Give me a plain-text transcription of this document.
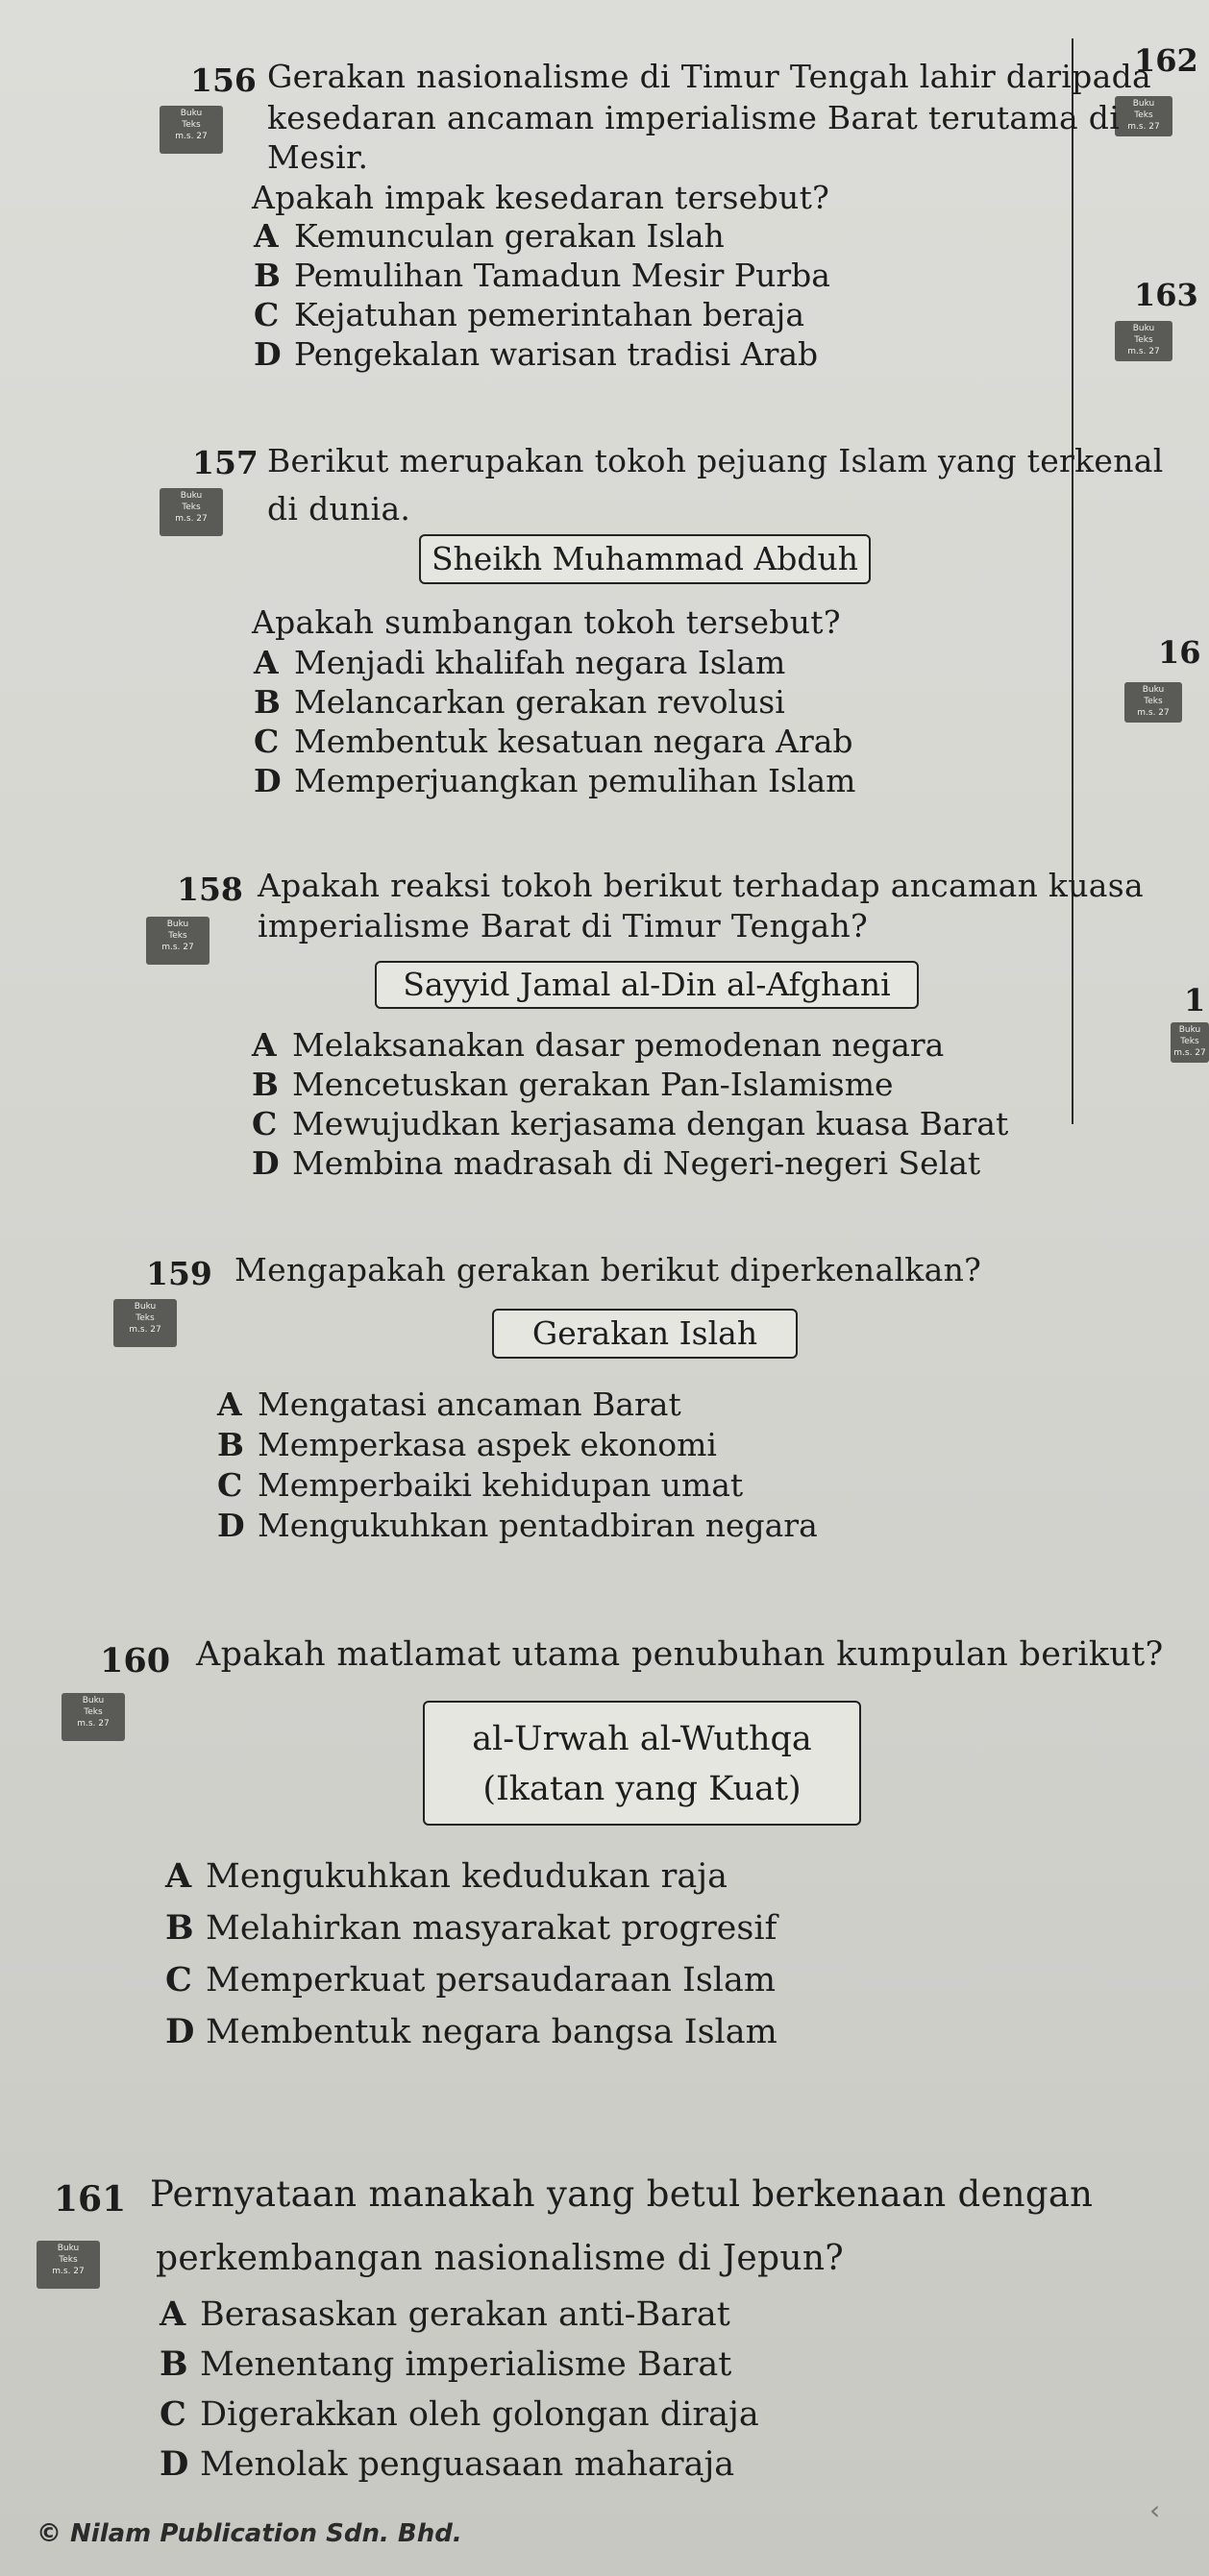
162
Buku
Teks
m.s. 27
163
Buku
Teks
m.s. 27
16
Buku
Teks
m.s. 27
1
Buku
Teks
m.s. 27
156 Gerakan nasionalisme di Timur Tengah lahir daripada
Buku
Teks
m.s. 27	kesedaran ancaman imperialisme Barat terutama di
Mesir.
Apakah impak kesedaran tersebut?
A Kemunculan gerakan Islah
B Pemulihan Tamadun Mesir Purba
C Kejatuhan pemerintahan beraja
D Pengekalan warisan tradisi Arab
157 Berikut merupakan tokoh pejuang Islam yang terkenal
Buku
Teks
m.s. 27	di dunia.
Sheikh Muhammad Abduh
Apakah sumbangan tokoh tersebut?
A Menjadi khalifah negara Islam
B Melancarkan gerakan revolusi
C Membentuk kesatuan negara Arab
D Memperjuangkan pemulihan Islam
158 Apakah reaksi tokoh berikut terhadap ancaman kuasa
Buku
Teks
m.s. 27
imperialisme Barat di Timur Tengah?
Sayyid Jamal al-Din al-Afghani
A Melaksanakan dasar pemodenan negara
B Mencetuskan gerakan Pan-Islamisme
C Mewujudkan kerjasama dengan kuasa Barat
D Membina madrasah di Negeri-negeri Selat
159 Mengapakah gerakan berikut diperkenalkan?
Buku
Teks
m.s. 27	Gerakan Islah
A Mengatasi ancaman Barat
B Memperkasa aspek ekonomi
C Memperbaiki kehidupan umat
D Mengukuhkan pentadbiran negara
160 Apakah matlamat utama penubuhan kumpulan berikut?
Buku
Teks
m.s. 27	al-Urwah al-Wuthqa
(Ikatan yang Kuat)
A Mengukuhkan kedudukan raja
B Melahirkan masyarakat progresif
C Memperkuat persaudaraan Islam
D Membentuk negara bangsa Islam
161 Pernyataan manakah yang betul berkenaan dengan
Buku
Teks
m.s. 27	perkembangan nasionalisme di Jepun?
A Berasaskan gerakan anti-Barat
B Menentang imperialisme Barat
C Digerakkan oleh golongan diraja
D Menolak penguasaan maharaja
© Nilam Publication Sdn. Bhd.
‹
